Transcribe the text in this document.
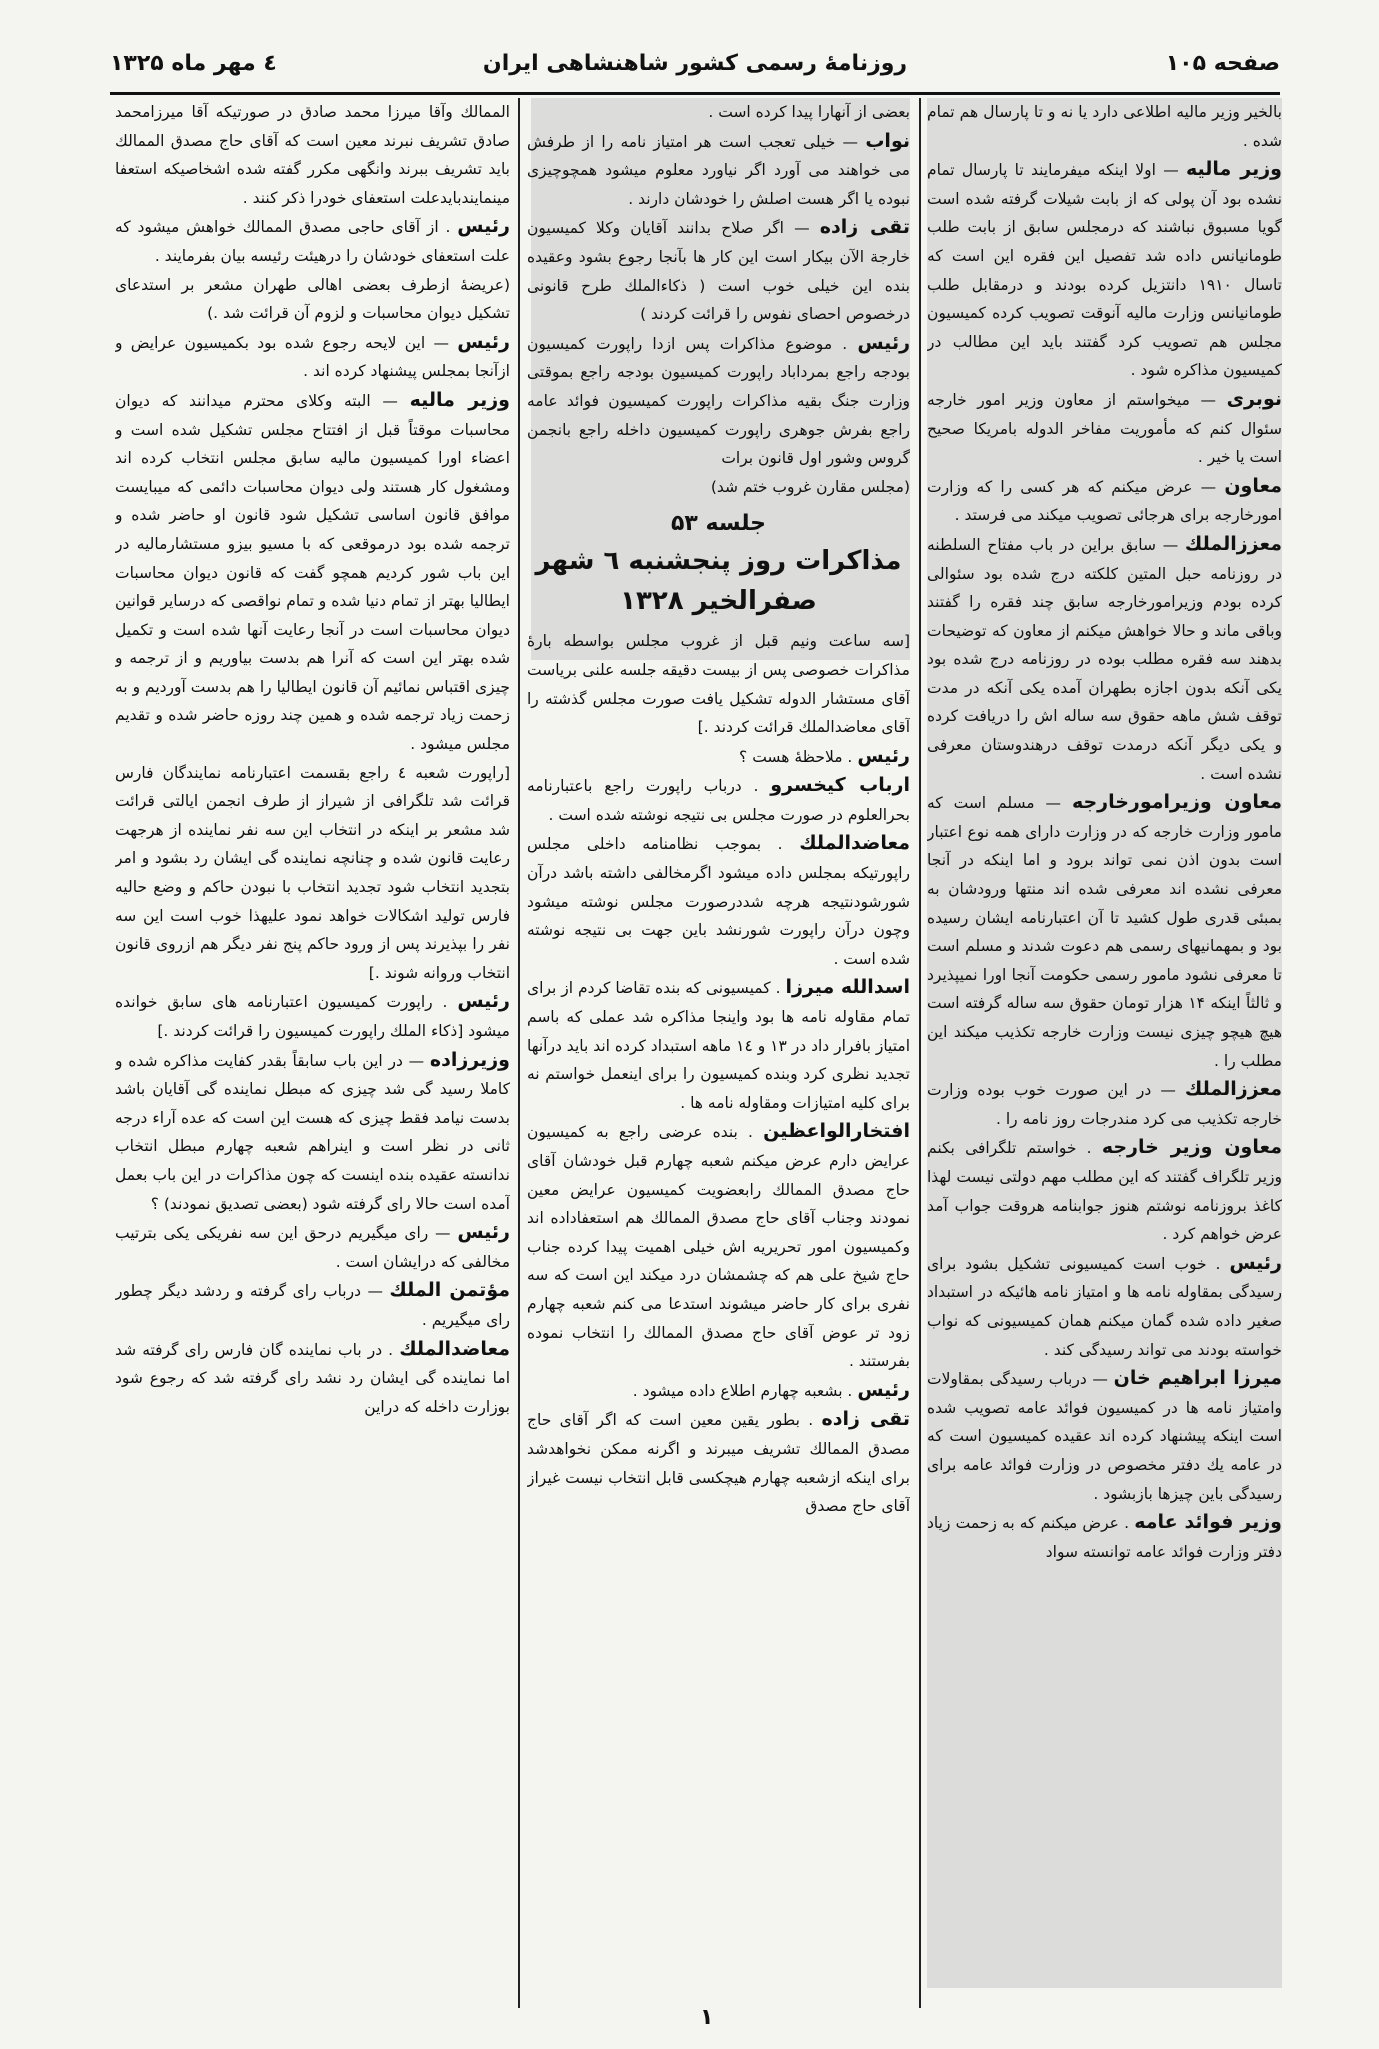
صفحه ۱۰۵
روزنامهٔ رسمی کشور شاهنشاهی ایران
٤ مهر ماه ۱۳۲۵

بالخیر وزیر مالیه اطلاعی دارد یا نه و تا پارسال هم تمام شده .

وزیر مالیه — اولا اینکه میفرمایند تا پارسال تمام نشده بود آن پولی که از بابت شیلات گرفته شده است گویا مسبوق نباشند که درمجلس سابق از بابت طلب طومانیانس داده شد تفصیل این فقره این است که تاسال ۱۹۱۰ دانتزیل کرده بودند و درمقابل طلب طومانیانس وزارت مالیه آنوقت تصویب کرده کمیسیون مجلس هم تصویب کرد گفتند باید این مطالب در کمیسیون مذاکره شود .

نوبری — میخواستم از معاون وزیر امور خارجه سئوال کنم که مأموریت مفاخر الدوله بامریکا صحیح است یا خیر .

معاون — عرض میکنم که هر کسی را که وزارت امورخارجه برای هرجائی تصویب میکند می فرستد .

معززالملك — سابق براین در باب مفتاح السلطنه در روزنامه حبل المتین کلکته درج شده بود سئوالی کرده بودم وزیرامورخارجه سابق چند فقره را گفتند وباقی ماند و حالا خواهش میکنم از معاون که توضیحات بدهند سه فقره مطلب بوده در روزنامه درج شده بود یکی آنکه بدون اجازه بطهران آمده یکی آنکه در مدت توقف شش ماهه حقوق سه ساله اش را دریافت کرده و یکی دیگر آنکه درمدت توقف درهندوستان معرفی نشده است .

معاون وزیرامورخارجه — مسلم است که مامور وزارت خارجه که در وزارت دارای همه نوع اعتبار است بدون اذن نمی تواند برود و اما اینکه در آنجا معرفی نشده اند معرفی شده اند منتها ورودشان به بمبئی قدری طول کشید تا آن اعتبارنامه ایشان رسیده بود و بمهمانیهای رسمی هم دعوت شدند و مسلم است تا معرفی نشود مامور رسمی حکومت آنجا اورا نمیپذیرد و ثالثاً اینکه ۱۴ هزار تومان حقوق سه ساله گرفته است هیچ هیچو چیزی نیست وزارت خارجه تکذیب میکند این مطلب را .

معززالملك — در این صورت خوب بوده وزارت خارجه تکذیب می کرد مندرجات روز نامه را .

معاون وزیر خارجه . خواستم تلگرافی بکنم وزیر تلگراف گفتند که این مطلب مهم دولتی نیست لهذا کاغذ بروزنامه نوشتم هنوز جوابنامه هروقت جواب آمد عرض خواهم کرد .

رئیس . خوب است کمیسیونی تشکیل بشود برای رسیدگی بمقاوله نامه ها و امتیاز نامه هائیکه در استبداد صغیر داده شده گمان میکنم همان کمیسیونی که نواب خواسته بودند می تواند رسیدگی کند .

میرزا ابراهیم خان — درباب رسیدگی بمقاولات وامتیاز نامه ها در کمیسیون فوائد عامه تصویب شده است اینکه پیشنهاد کرده اند عقیده کمیسیون است که در عامه یك دفتر مخصوص در وزارت فوائد عامه برای رسیدگی باین چیزها بازبشود .

وزیر فوائد عامه . عرض میکنم که به زحمت زیاد دفتر وزارت فوائد عامه توانسته سواد

بعضی از آنهارا پیدا کرده است .

نواب — خیلی تعجب است هر امتیاز نامه را از طرفش می خواهند می آورد اگر نیاورد معلوم میشود همچوچیزی نبوده یا اگر هست اصلش را خودشان دارند .

تقی زاده — اگر صلاح بدانند آقایان وکلا کمیسیون خارجة الآن بیکار است این کار ها بآنجا رجوع بشود وعقیده بنده این خیلی خوب است ( ذکاءالملك طرح قانونی درخصوص احصای نفوس را قرائت کردند )

رئیس . موضوع مذاکرات پس ازدا راپورت کمیسیون بودجه راجع بمرداباد راپورت کمیسیون بودجه راجع بموقتی وزارت جنگ بقیه مذاکرات راپورت کمیسیون فوائد عامه راجع بفرش جوهری راپورت کمیسیون داخله راجع بانجمن گروس وشور اول قانون برات

(مجلس مقارن غروب ختم شد)

جلسه ۵۳
مذاکرات روز پنجشنبه ٦ شهر
صفرالخیر ۱۳۲۸

[سه ساعت ونیم قبل از غروب مجلس بواسطه بارهٔ مذاکرات خصوصی پس از بیست دقیقه جلسه علنی بریاست آقای مستشار الدوله تشکیل یافت صورت مجلس گذشته را آقای معاضدالملك قرائت کردند .]

رئیس . ملاحظهٔ هست ؟

ارباب کیخسرو . درباب راپورت راجع باعتبارنامه بحرالعلوم در صورت مجلس بی نتیجه نوشته شده است .

معاضدالملك . بموجب نظامنامه داخلی مجلس راپورتیکه بمجلس داده میشود اگرمخالفی داشته باشد درآن شورشودنتیجه هرچه شددرصورت مجلس نوشته میشود وچون درآن راپورت شورنشد باین جهت بی نتیجه نوشته شده است .

اسدالله میرزا . کمیسیونی که بنده تقاضا کردم از برای تمام مقاوله نامه ها بود واینجا مذاکره شد عملی که باسم امتیاز بافرار داد در ۱۳ و ۱٤ ماهه استبداد کرده اند باید درآنها تجدید نظری کرد وبنده کمیسیون را برای اینعمل خواستم نه برای کلیه امتیازات ومقاوله نامه ها .

افتخارالواعظین . بنده عرضی راجع به کمیسیون عرایض دارم عرض میکنم شعبه چهارم قبل خودشان آقای حاج مصدق الممالك رابعضویت کمیسیون عرایض معین نمودند وجناب آقای حاج مصدق الممالك هم استعفاداده اند وکمیسیون امور تحریریه اش خیلی اهمیت پیدا کرده جناب حاج شیخ علی هم که چشمشان درد میکند این است که سه نفری برای کار حاضر میشوند استدعا می کنم شعبه چهارم زود تر عوض آقای حاج مصدق الممالك را انتخاب نموده بفرستند .

رئیس . بشعبه چهارم اطلاع داده میشود .

تقی زاده . بطور یقین معین است که اگر آقای حاج مصدق الممالك تشریف میبرند و اگرنه ممکن نخواهدشد برای اینکه ازشعبه چهارم هیچکسی قابل انتخاب نیست غیراز آقای حاج مصدق

الممالك وآقا میرزا محمد صادق در صورتیکه آقا میرزامحمد صادق تشریف نبرند معین است که آقای حاج مصدق الممالك باید تشریف ببرند وانگهی مکرر گفته شده اشخاصیکه استعفا مینمایندبایدعلت استعفای خودرا ذکر کنند .

رئیس . از آقای حاجی مصدق الممالك خواهش میشود که علت استعفای خودشان را درهیئت رئیسه بیان بفرمایند .

(عریضهٔ ازطرف بعضی اهالی طهران مشعر بر استدعای تشکیل دیوان محاسبات و لزوم آن قرائت شد .)

رئیس — این لایحه رجوع شده بود بکمیسیون عرایض و ازآنجا بمجلس پیشنهاد کرده اند .

وزیر مالیه — البته وکلای محترم میدانند که دیوان محاسبات موقتاً قبل از افتتاح مجلس تشکیل شده است و اعضاء اورا کمیسیون مالیه سابق مجلس انتخاب کرده اند ومشغول کار هستند ولی دیوان محاسبات دائمی که میبایست موافق قانون اساسی تشکیل شود قانون او حاضر شده و ترجمه شده بود درموقعی که با مسیو بیزو مستشارمالیه در این باب شور کردیم همچو گفت که قانون دیوان محاسبات ایطالیا بهتر از تمام دنیا شده و تمام نواقصی که درسایر قوانین دیوان محاسبات است در آنجا رعایت آنها شده است و تکمیل شده بهتر این است که آنرا هم بدست بیاوریم و از ترجمه و چیزی اقتباس نمائیم آن قانون ایطالیا را هم بدست آوردیم و به زحمت زیاد ترجمه شده و همین چند روزه حاضر شده و تقدیم مجلس میشود .

[راپورت شعبه ٤ راجع بقسمت اعتبارنامه نمایندگان فارس قرائت شد تلگرافی از شیراز از طرف انجمن ایالتی قرائت شد مشعر بر اینکه در انتخاب این سه نفر نماینده از هرجهت رعایت قانون شده و چنانچه نماینده گی ایشان رد بشود و امر بتجدید انتخاب شود تجدید انتخاب با نبودن حاکم و وضع حالیه فارس تولید اشکالات خواهد نمود علیهذا خوب است این سه نفر را بپذیرند پس از ورود حاکم پنج نفر دیگر هم ازروی قانون انتخاب وروانه شوند .]

رئیس . راپورت کمیسیون اعتبارنامه های سابق خوانده میشود [ذکاء الملك راپورت کمیسیون را قرائت کردند .]

وزیرزاده — در این باب سابقاً بقدر کفایت مذاکره شده و کاملا رسید گی شد چیزی که مبطل نماینده گی آقایان باشد بدست نیامد فقط چیزی که هست این است که عده آراء درجه ثانی در نظر است و اینراهم شعبه چهارم مبطل انتخاب ندانسته عقیده بنده اینست که چون مذاکرات در این باب بعمل آمده است حالا رای گرفته شود (بعضی تصدیق نمودند) ؟

رئیس — رای میگیریم درحق این سه نفریکی یکی بترتیب مخالفی که درایشان است .

مؤتمن الملك — درباب رای گرفته و ردشد دیگر چطور رای میگیریم .

معاضدالملك . در باب نماینده گان فارس رای گرفته شد اما نماینده گی ایشان رد نشد رای گرفته شد که رجوع شود بوزارت داخله که دراین

۱
